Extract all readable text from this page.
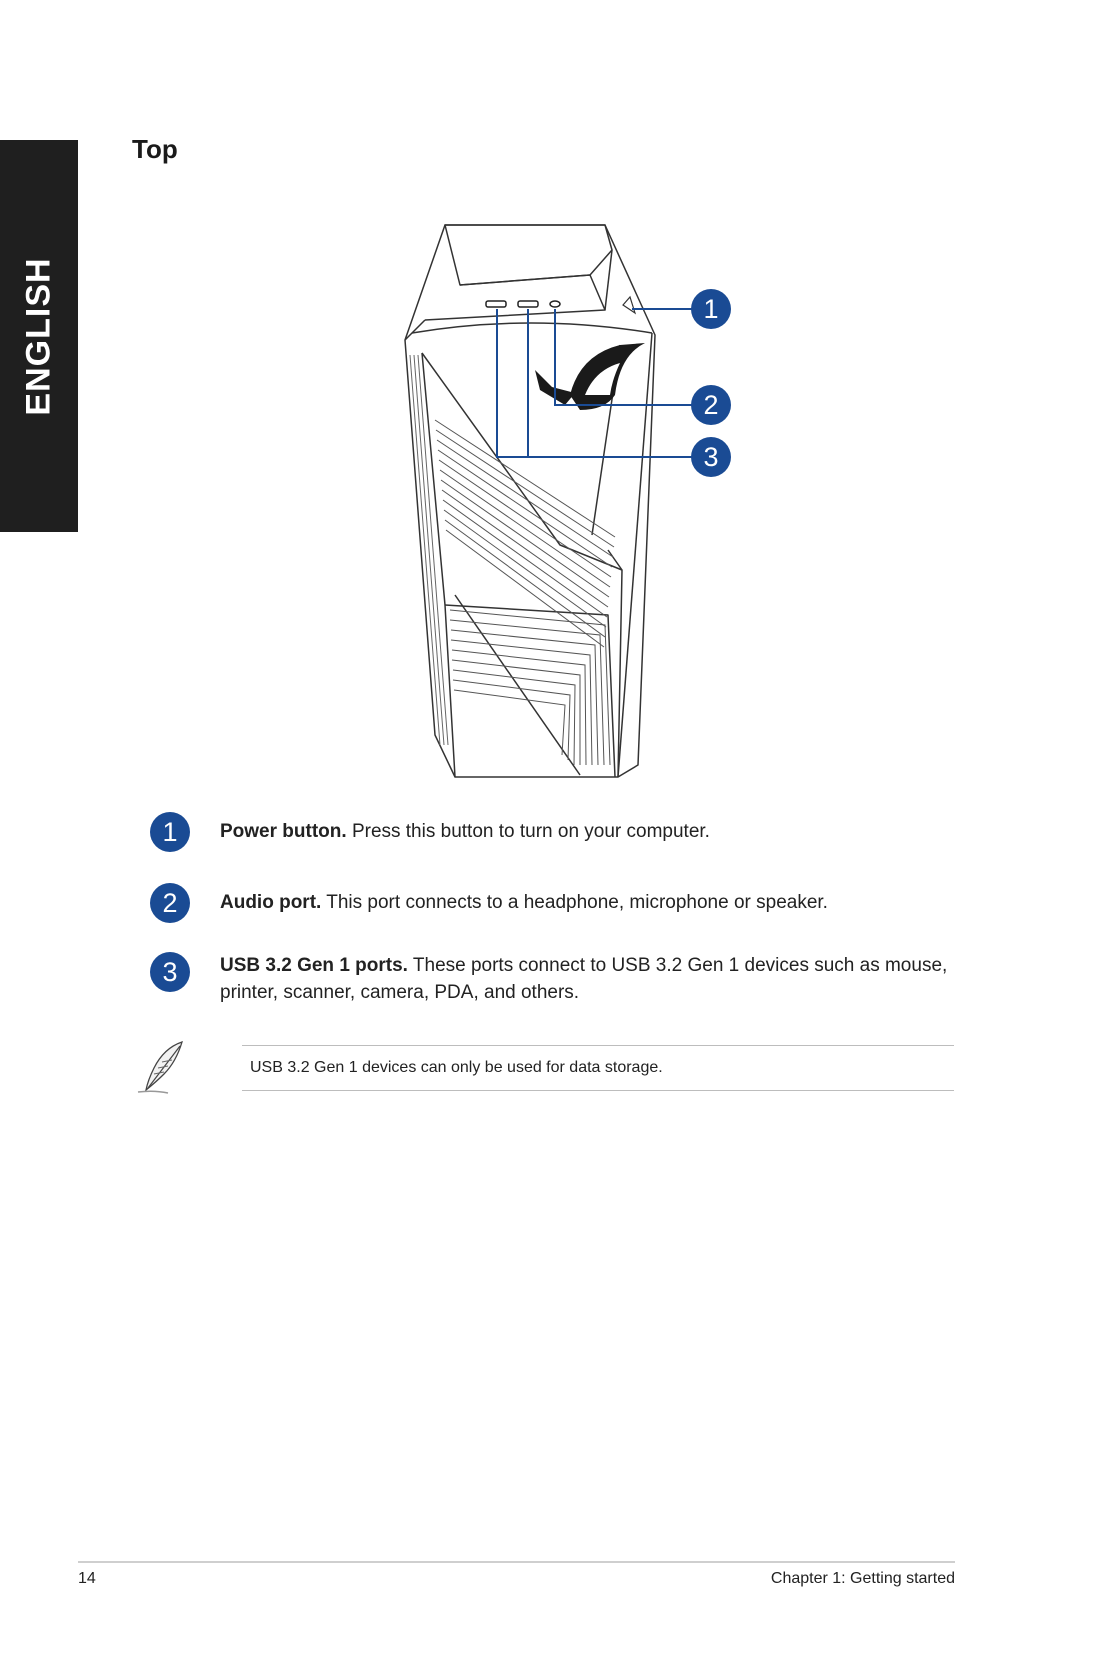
ENGLISH
Top
1
2
3
1	Power button. Press this button to turn on your computer.
2	Audio port. This port connects to a headphone, microphone or speaker.
3	USB 3.2 Gen 1 ports. These ports connect to USB 3.2 Gen 1 devices such as mouse, printer, scanner, camera, PDA, and others.
USB 3.2 Gen 1 devices can only be used for data storage.
14	Chapter 1: Getting started
